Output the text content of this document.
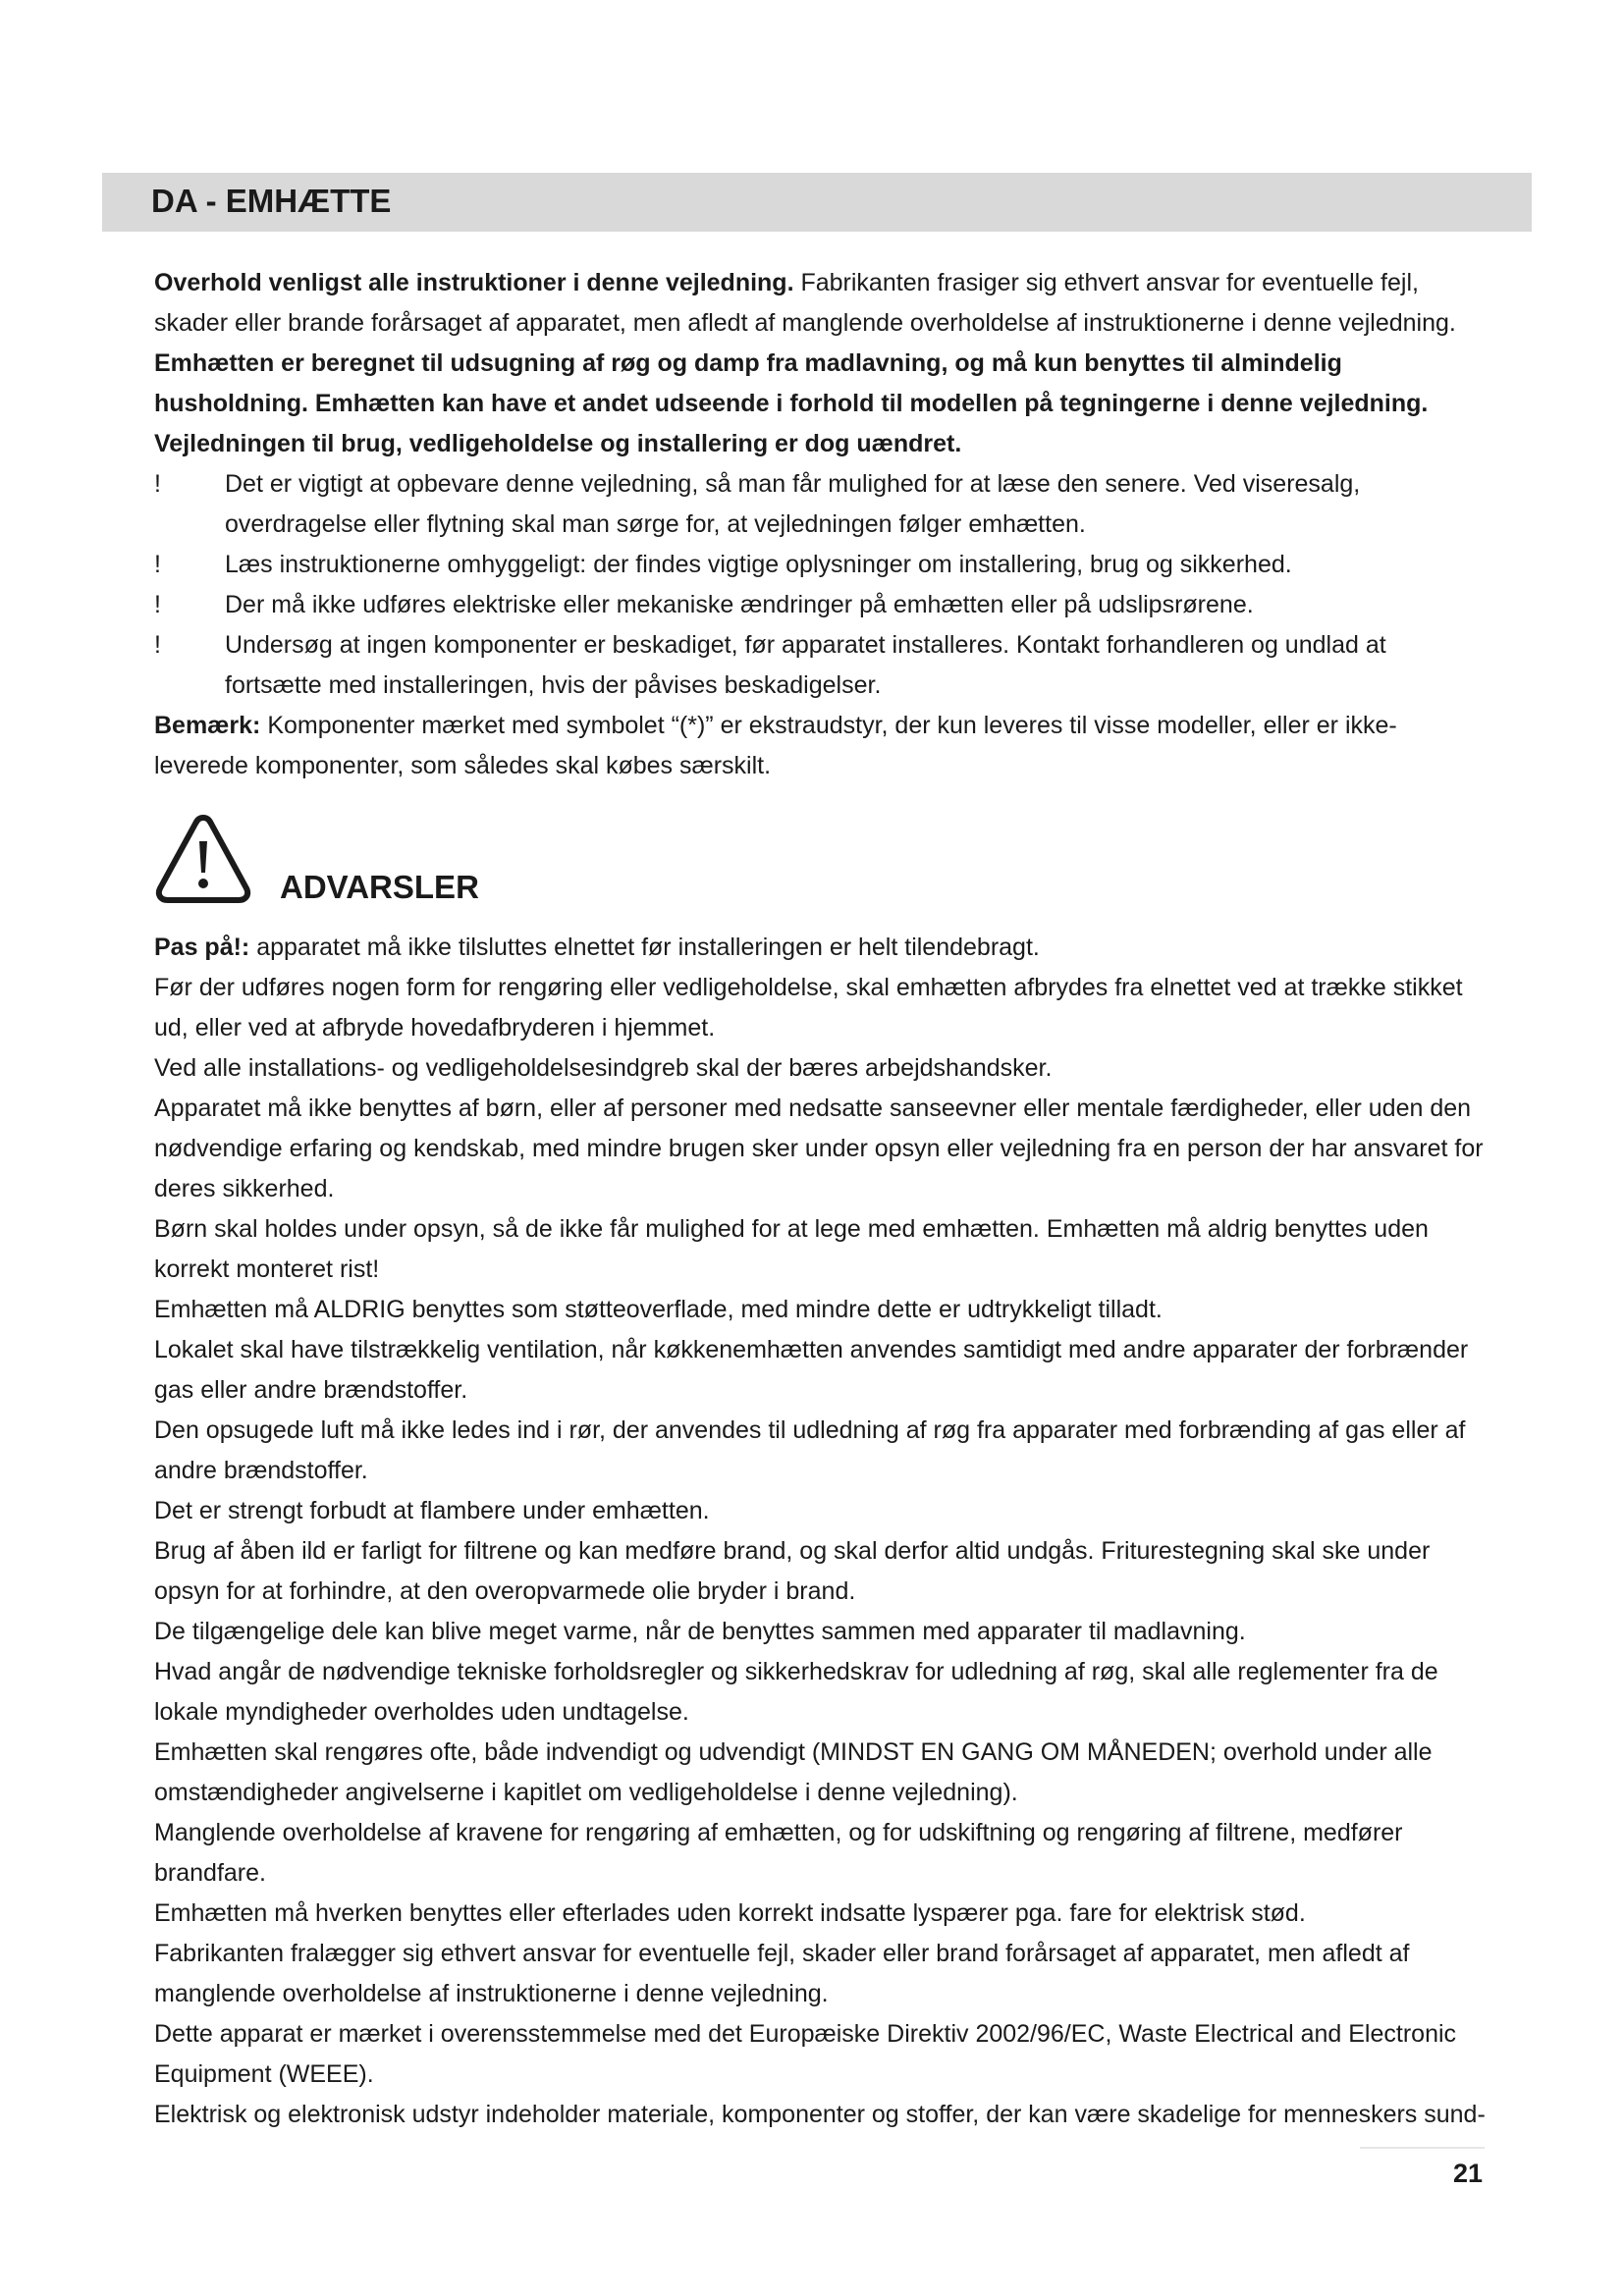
DA - EMHÆTTE

Overhold venligst alle instruktioner i denne vejledning. Fabrikanten frasiger sig ethvert ansvar for eventuelle fejl, skader eller brande forårsaget af apparatet, men afledt af manglende overholdelse af instruktionerne i denne vejledning. Emhætten er beregnet til udsugning af røg og damp fra madlavning, og må kun benyttes til almindelig husholdning. Emhætten kan have et andet udseende i forhold til modellen på tegningerne i denne vejledning. Vejledningen til brug, vedligeholdelse og installering er dog uændret.

!	Det er vigtigt at opbevare denne vejledning, så man får mulighed for at læse den senere. Ved viseresalg, overdragelse eller flytning skal man sørge for, at vejledningen følger emhætten.

!	Læs instruktionerne omhyggeligt: der findes vigtige oplysninger om installering, brug og sikkerhed.

!	Der må ikke udføres elektriske eller mekaniske ændringer på emhætten eller på udslipsrørene.

!	Undersøg at ingen komponenter er beskadiget, før apparatet installeres. Kontakt forhandleren og undlad at fortsætte med installeringen, hvis der påvises beskadigelser.

Bemærk: Komponenter mærket med symbolet “(*)” er ekstraudstyr, der kun leveres til visse modeller, eller er ikke-leverede komponenter, som således skal købes særskilt.

ADVARSLER

Pas på!: apparatet må ikke tilsluttes elnettet før installeringen er helt tilendebragt.

Før der udføres nogen form for rengøring eller vedligeholdelse, skal emhætten afbrydes fra elnettet ved at trække stikket ud, eller ved at afbryde hovedafbryderen i hjemmet.

Ved alle installations- og vedligeholdelsesindgreb skal der bæres arbejdshandsker.

Apparatet må ikke benyttes af børn, eller af personer med nedsatte sanseevner eller mentale færdigheder, eller uden den nødvendige erfaring og kendskab, med mindre brugen sker under opsyn eller vejledning fra en person der har ansvaret for deres sikkerhed.

Børn skal holdes under opsyn, så de ikke får mulighed for at lege med emhætten. Emhætten må aldrig benyttes uden korrekt monteret rist!

Emhætten må ALDRIG benyttes som støtteoverflade, med mindre dette er udtrykkeligt tilladt.

Lokalet skal have tilstrækkelig ventilation, når køkkenemhætten anvendes samtidigt med andre apparater der forbrænder gas eller andre brændstoffer.

Den opsugede luft må ikke ledes ind i rør, der anvendes til udledning af røg fra apparater med forbrænding af gas eller af andre brændstoffer.

Det er strengt forbudt at flambere under emhætten.

Brug af åben ild er farligt for filtrene og kan medføre brand, og skal derfor altid undgås. Friturestegning skal ske under opsyn for at forhindre, at den overopvarmede olie bryder i brand.

De tilgængelige dele kan blive meget varme, når de benyttes sammen med apparater til madlavning.

Hvad angår de nødvendige tekniske forholdsregler og sikkerhedskrav for udledning af røg, skal alle reglementer fra de lokale myndigheder overholdes uden undtagelse.

Emhætten skal rengøres ofte, både indvendigt og udvendigt (MINDST EN GANG OM MÅNEDEN; overhold under alle omstændigheder angivelserne i kapitlet om vedligeholdelse i denne vejledning).

Manglende overholdelse af kravene for rengøring af emhætten, og for udskiftning og rengøring af filtrene, medfører brandfare.

Emhætten må hverken benyttes eller efterlades uden korrekt indsatte lyspærer pga. fare for elektrisk stød.

Fabrikanten fralægger sig ethvert ansvar for eventuelle fejl, skader eller brand forårsaget af apparatet, men afledt af manglende overholdelse af instruktionerne i denne vejledning.

Dette apparat er mærket i overensstemmelse med det Europæiske Direktiv 2002/96/EC, Waste Electrical and Electronic Equipment (WEEE).

Elektrisk og elektronisk udstyr indeholder materiale, komponenter og stoffer, der kan være skadelige for menneskers sund-

21
